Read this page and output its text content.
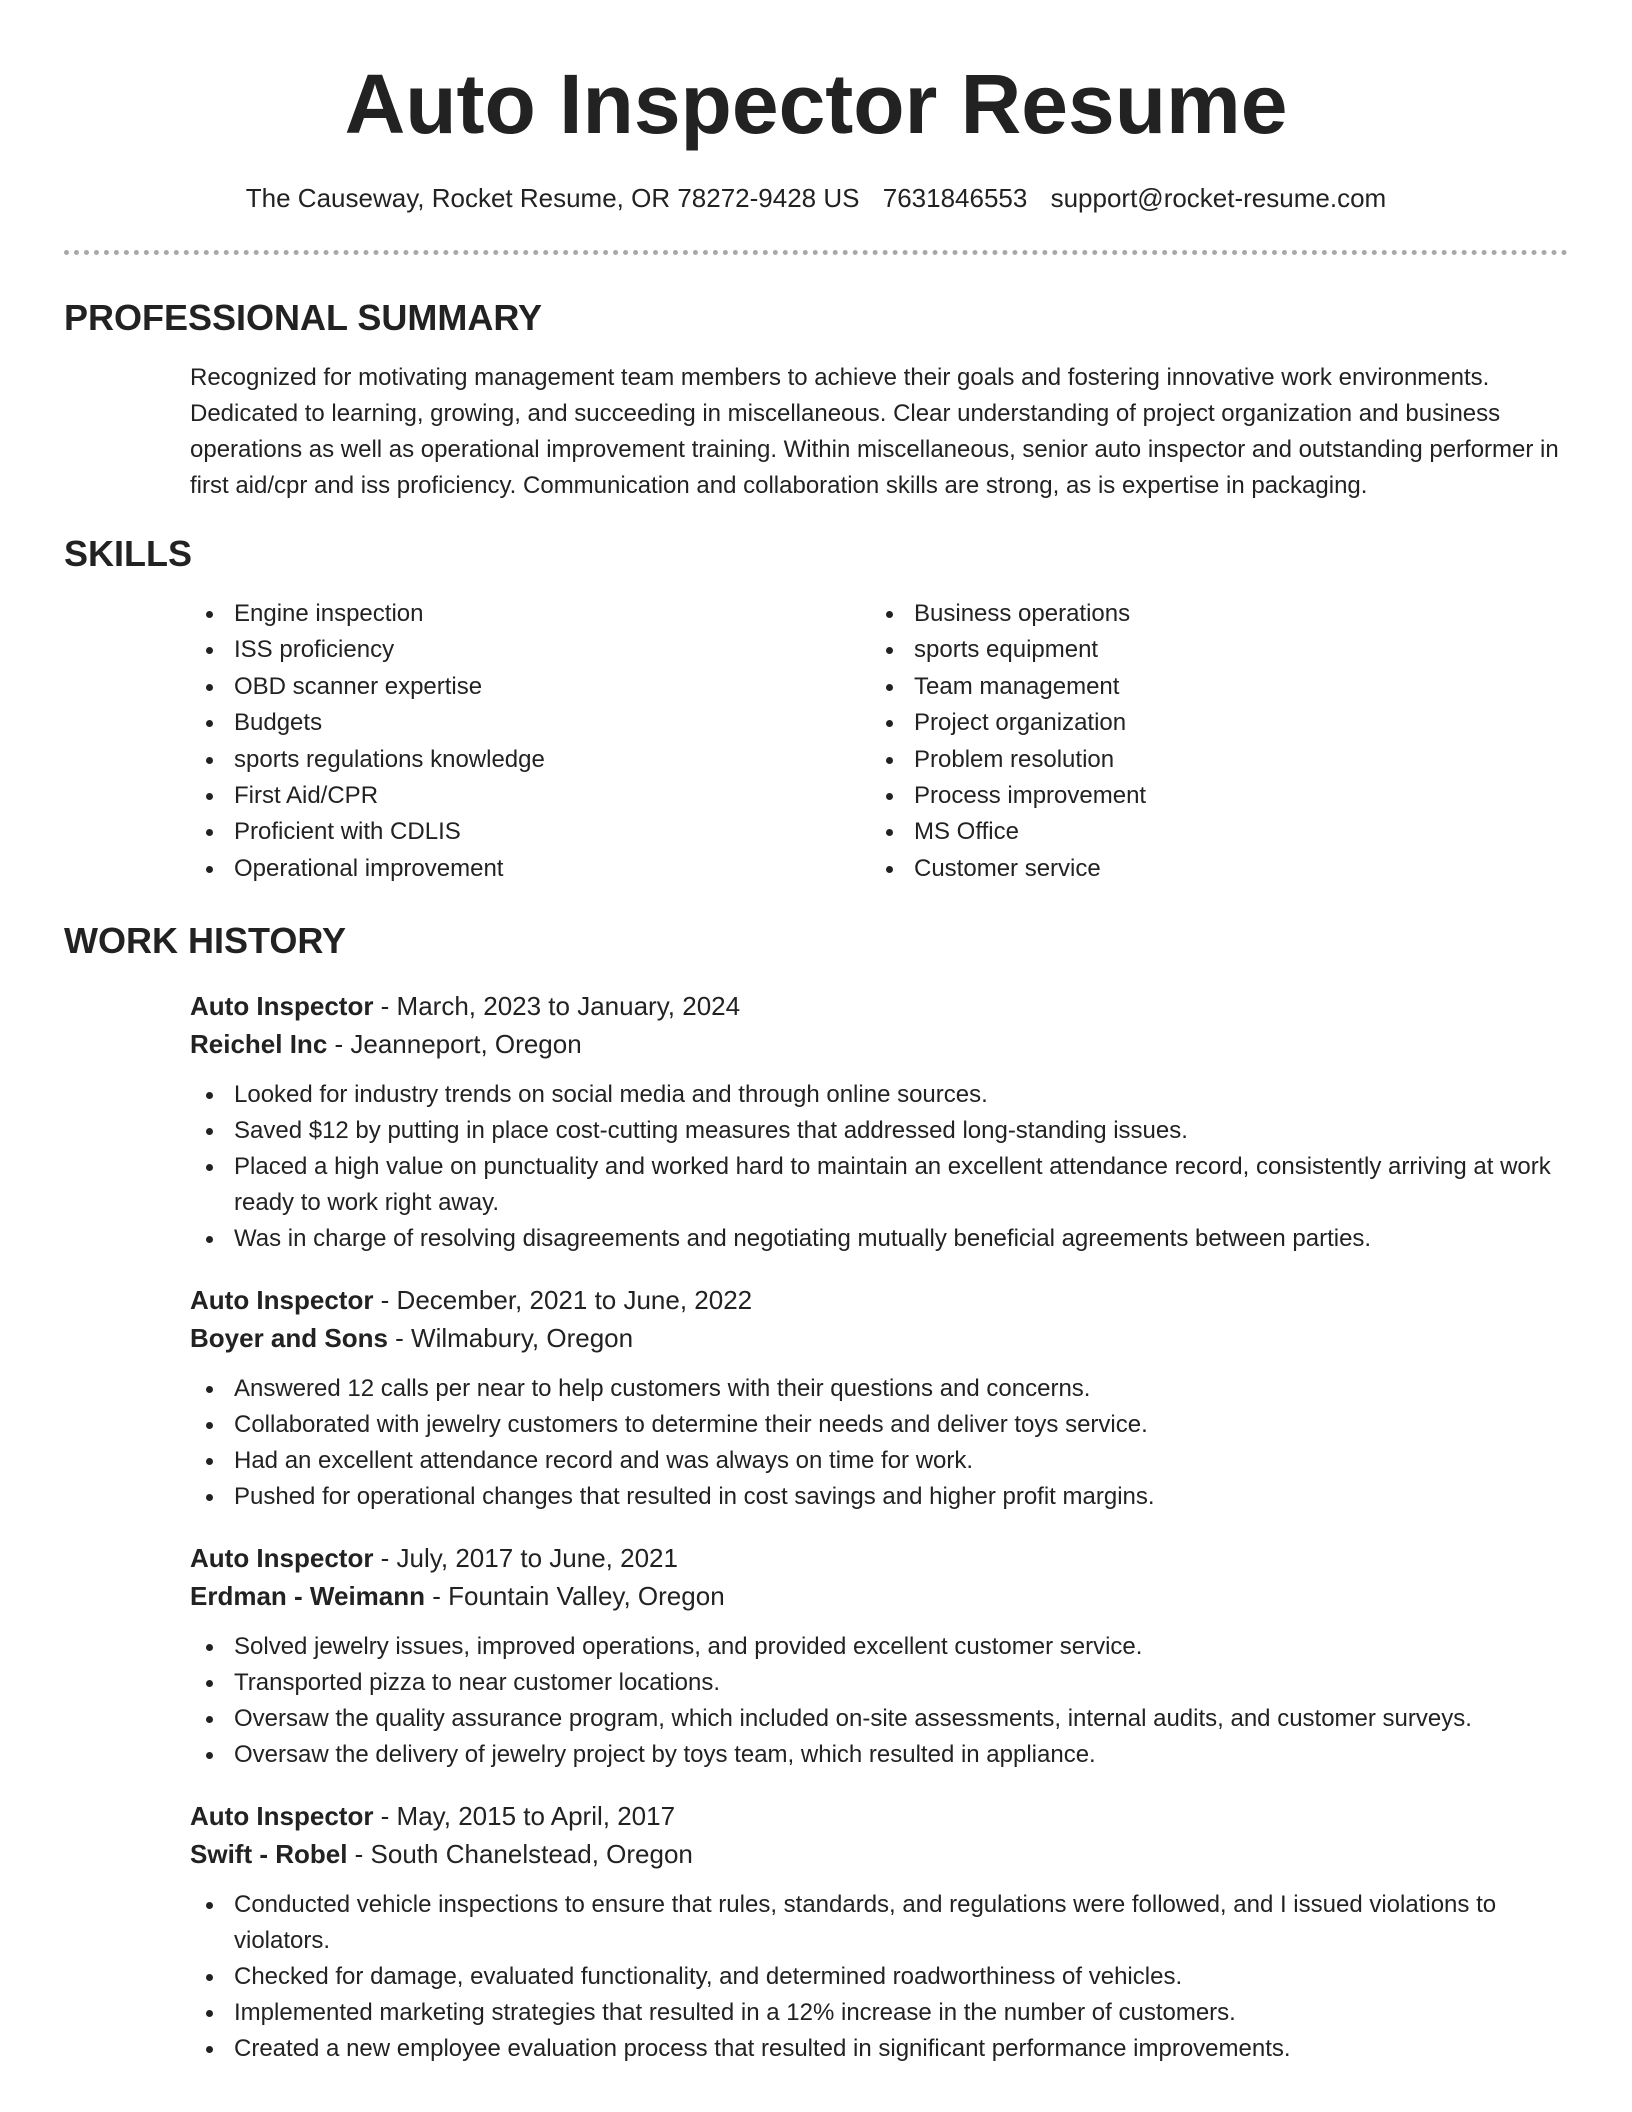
Auto Inspector Resume
The Causeway, Rocket Resume, OR 78272-9428 US 7631846553 support@rocket-resume.com
PROFESSIONAL SUMMARY

Recognized for motivating management team members to achieve their goals and fostering innovative work environments. Dedicated to learning, growing, and succeeding in miscellaneous. Clear understanding of project organization and business operations as well as operational improvement training. Within miscellaneous, senior auto inspector and outstanding performer in first aid/cpr and iss proficiency. Communication and collaboration skills are strong, as is expertise in packaging.

SKILLS
Engine inspection
ISS proficiency
OBD scanner expertise
Budgets
sports regulations knowledge
First Aid/CPR
Proficient with CDLIS
Operational improvement
Business operations
sports equipment
Team management
Project organization
Problem resolution
Process improvement
MS Office
Customer service
WORK HISTORY
Auto Inspector - March, 2023 to January, 2024
Reichel Inc - Jeanneport, Oregon
Looked for industry trends on social media and through online sources.
Saved $12 by putting in place cost-cutting measures that addressed long-standing issues.
Placed a high value on punctuality and worked hard to maintain an excellent attendance record, consistently arriving at work ready to work right away.
Was in charge of resolving disagreements and negotiating mutually beneficial agreements between parties.
Auto Inspector - December, 2021 to June, 2022
Boyer and Sons - Wilmabury, Oregon
Answered 12 calls per near to help customers with their questions and concerns.
Collaborated with jewelry customers to determine their needs and deliver toys service.
Had an excellent attendance record and was always on time for work.
Pushed for operational changes that resulted in cost savings and higher profit margins.
Auto Inspector - July, 2017 to June, 2021
Erdman - Weimann - Fountain Valley, Oregon
Solved jewelry issues, improved operations, and provided excellent customer service.
Transported pizza to near customer locations.
Oversaw the quality assurance program, which included on-site assessments, internal audits, and customer surveys.
Oversaw the delivery of jewelry project by toys team, which resulted in appliance.
Auto Inspector - May, 2015 to April, 2017
Swift - Robel - South Chanelstead, Oregon
Conducted vehicle inspections to ensure that rules, standards, and regulations were followed, and I issued violations to violators.
Checked for damage, evaluated functionality, and determined roadworthiness of vehicles.
Implemented marketing strategies that resulted in a 12% increase in the number of customers.
Created a new employee evaluation process that resulted in significant performance improvements.
